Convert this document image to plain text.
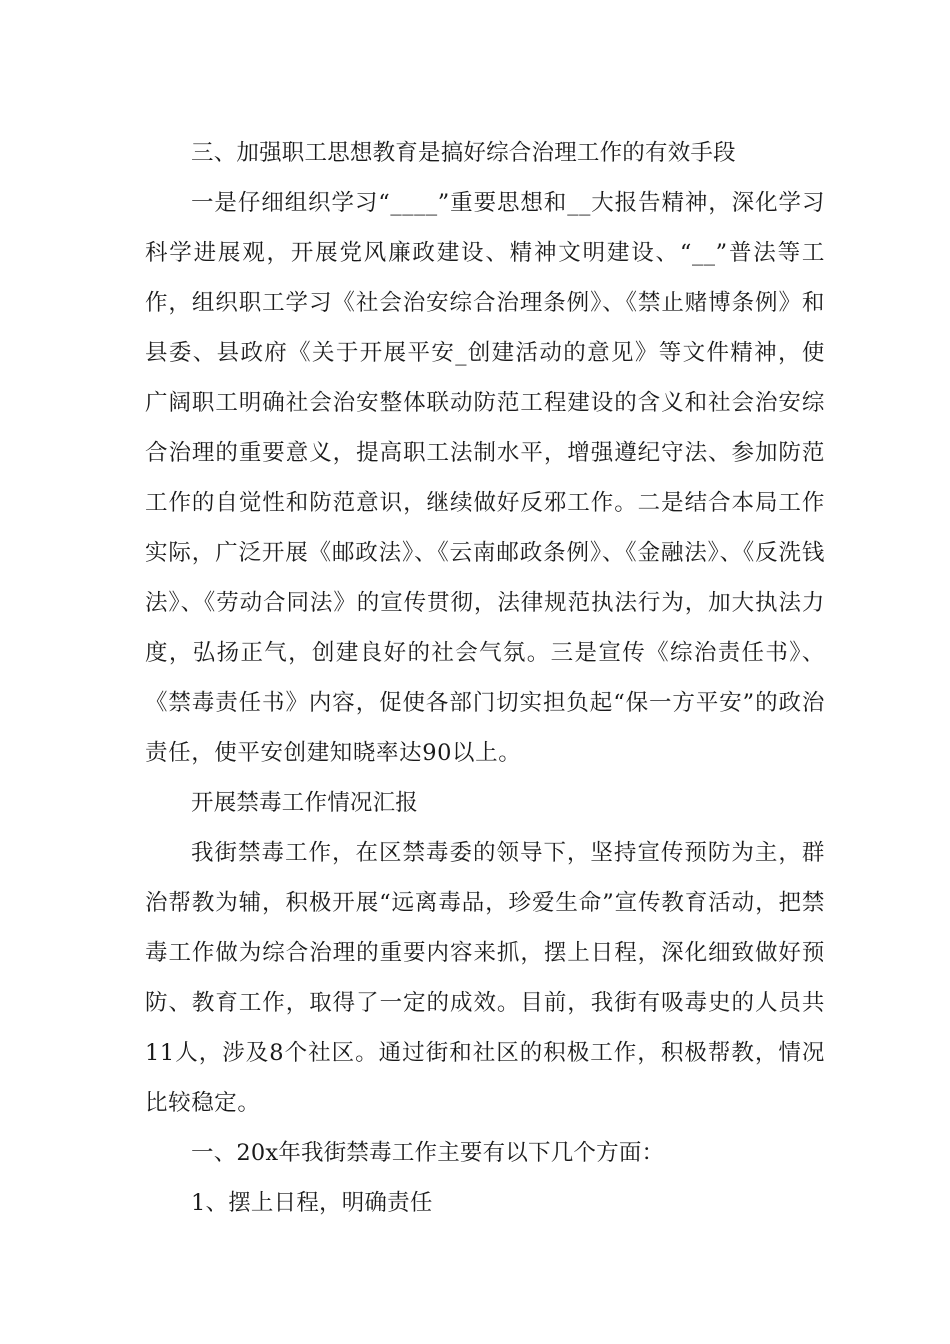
三、加强职工思想教育是搞好综合治理工作的有效手段

一是仔细组织学习“____”重要思想和__大报告精神，深化学习科学进展观，开展党风廉政建设、精神文明建设、“__”普法等工作，组织职工学习《社会治安综合治理条例》、《禁止赌博条例》和县委、县政府《关于开展平安_创建活动的意见》等文件精神，使广阔职工明确社会治安整体联动防范工程建设的含义和社会治安综合治理的重要意义，提高职工法制水平，增强遵纪守法、参加防范工作的自觉性和防范意识，继续做好反邪工作。二是结合本局工作实际，广泛开展《邮政法》、《云南邮政条例》、《金融法》、《反洗钱法》、《劳动合同法》的宣传贯彻，法律规范执法行为，加大执法力度，弘扬正气，创建良好的社会气氛。三是宣传《综治责任书》、《禁毒责任书》内容，促使各部门切实担负起“保一方平安”的政治责任，使平安创建知晓率达90以上。

开展禁毒工作情况汇报

我街禁毒工作，在区禁毒委的领导下，坚持宣传预防为主，群治帮教为辅，积极开展“远离毒品，珍爱生命”宣传教育活动，把禁毒工作做为综合治理的重要内容来抓，摆上日程，深化细致做好预防、教育工作，取得了一定的成效。目前，我街有吸毒史的人员共11人，涉及8个社区。通过街和社区的积极工作，积极帮教，情况比较稳定。

一、20x年我街禁毒工作主要有以下几个方面：

1、摆上日程，明确责任
